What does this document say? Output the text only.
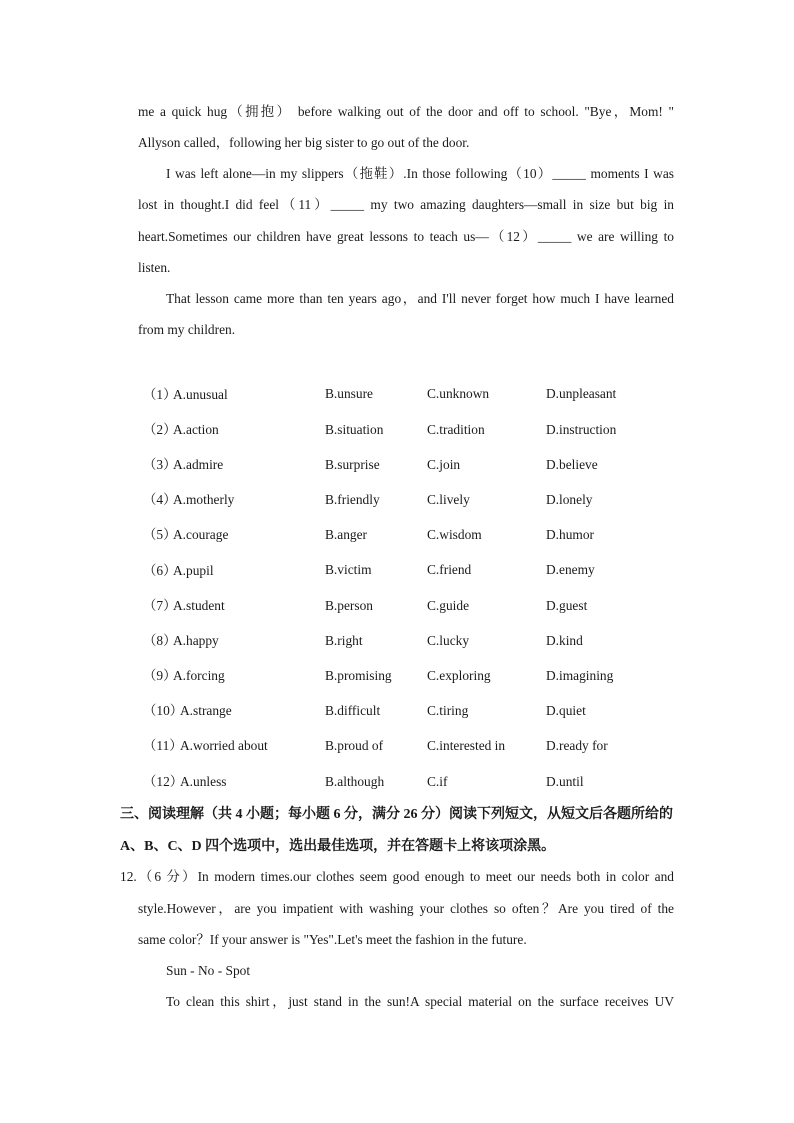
me a quick hug（拥抱） before walking out of the door and off to school. "Bye，Mom! "
Allyson called，following her big sister to go out of the door.
I was left alone—in my slippers（拖鞋）.In those following（10）_____ moments I was
lost in thought.I did feel（11）_____ my two amazing daughters—small in size but big in
heart.Sometimes our children have great lessons to teach us—（12）_____ we are willing to
listen.
That lesson came more than ten years ago，and I'll never forget how much I have learned
from my children.
（1）
A.unusual	B.unsure	C.unknown	D.unpleasant
（2）
A.action	B.situation	C.tradition	D.instruction
（3）
A.admire	B.surprise	C.join	D.believe
（4）
A.motherly	B.friendly	C.lively	D.lonely
（5）
A.courage	B.anger	C.wisdom	D.humor
（6）
A.pupil	B.victim	C.friend	D.enemy
（7）
A.student	B.person	C.guide	D.guest
（8）
A.happy	B.right	C.lucky	D.kind
（9）
A.forcing	B.promising	C.exploring	D.imagining
（10）
A.strange	B.difficult	C.tiring	D.quiet
（11）
A.worried about	B.proud of	C.interested in	D.ready for
（12）
A.unless	B.although	C.if	D.until
三、阅读理解（共 4 小题；每小题 6 分，满分 26 分）阅读下列短文，从短文后各题所给的
A、B、C、D 四个选项中，选出最佳选项，并在答题卡上将该项涂黑。
12.（6 分）In modern times.our clothes seem good enough to meet our needs both in color and
style.However，are you impatient with washing your clothes so often？Are you tired of the
same color？If your answer is "Yes".Let's meet the fashion in the future.
Sun - No - Spot
To clean this shirt，just stand in the sun!A special material on the surface receives UV
